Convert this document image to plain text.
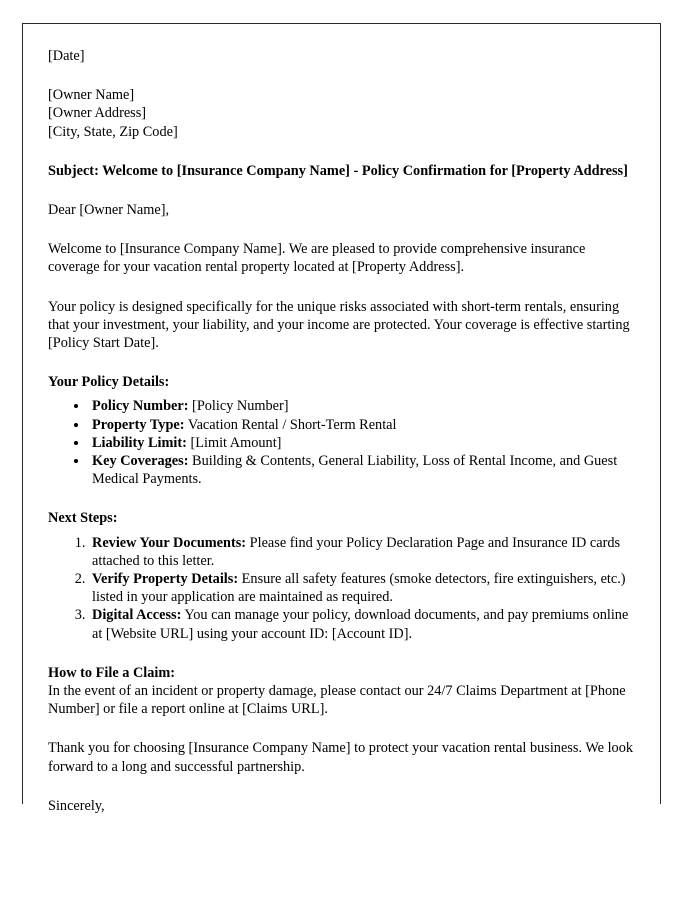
[Date]
[Owner Name]
[Owner Address]
[City, State, Zip Code]
Subject: Welcome to [Insurance Company Name] - Policy Confirmation for [Property Address]
Dear [Owner Name],
Welcome to [Insurance Company Name]. We are pleased to provide comprehensive insurance coverage for your vacation rental property located at [Property Address].
Your policy is designed specifically for the unique risks associated with short-term rentals, ensuring that your investment, your liability, and your income are protected. Your coverage is effective starting [Policy Start Date].
Your Policy Details:
• Policy Number: [Policy Number]
• Property Type: Vacation Rental / Short-Term Rental
• Liability Limit: [Limit Amount]
• Key Coverages: Building & Contents, General Liability, Loss of Rental Income, and Guest Medical Payments.
Next Steps:
1. Review Your Documents: Please find your Policy Declaration Page and Insurance ID cards attached to this letter.
2. Verify Property Details: Ensure all safety features (smoke detectors, fire extinguishers, etc.) listed in your application are maintained as required.
3. Digital Access: You can manage your policy, download documents, and pay premiums online at [Website URL] using your account ID: [Account ID].
How to File a Claim:
In the event of an incident or property damage, please contact our 24/7 Claims Department at [Phone Number] or file a report online at [Claims URL].
Thank you for choosing [Insurance Company Name] to protect your vacation rental business. We look forward to a long and successful partnership.
Sincerely,
